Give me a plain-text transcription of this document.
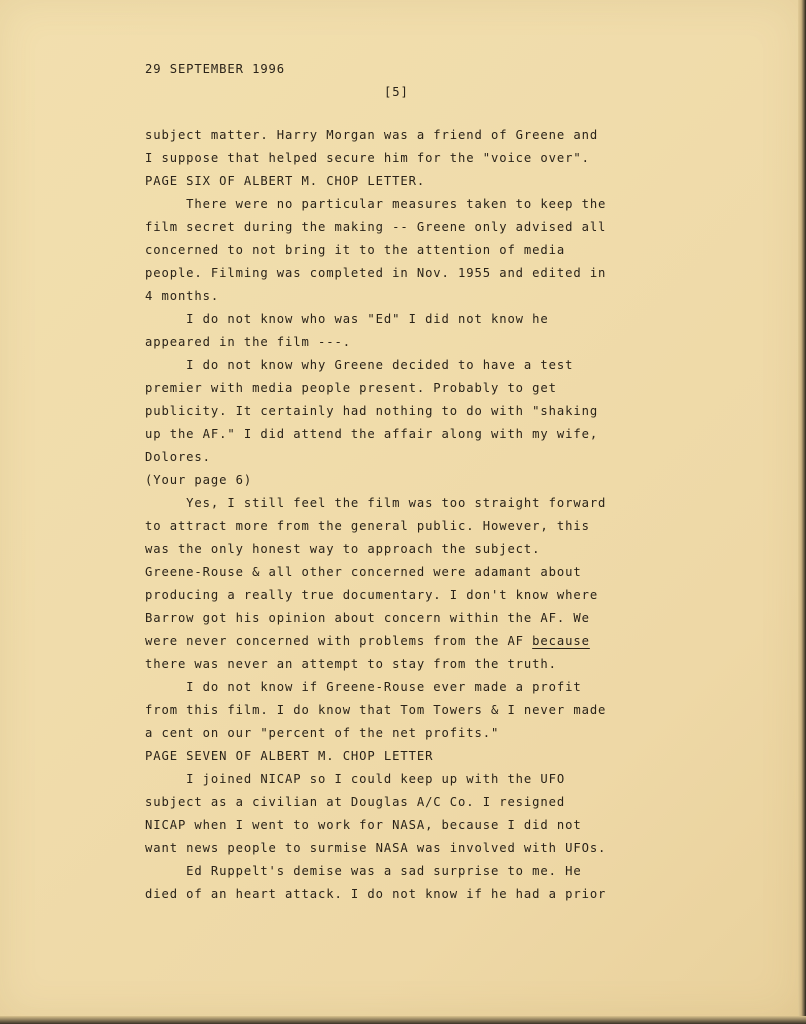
29 SEPTEMBER 1996
[5]
subject matter. Harry Morgan was a friend of Greene and
I suppose that helped secure him for the "voice over".
PAGE SIX OF ALBERT M. CHOP LETTER.
There were no particular measures taken to keep the
film secret during the making -- Greene only advised all
concerned to not bring it to the attention of media
people. Filming was completed in Nov. 1955 and edited in
4 months.
I do not know who was "Ed" I did not know he
appeared in the film ---.
I do not know why Greene decided to have a test
premier with media people present. Probably to get
publicity. It certainly had nothing to do with "shaking
up the AF." I did attend the affair along with my wife,
Dolores.
(Your page 6)
Yes, I still feel the film was too straight forward
to attract more from the general public. However, this
was the only honest way to approach the subject.
Greene-Rouse & all other concerned were adamant about
producing a really true documentary. I don't know where
Barrow got his opinion about concern within the AF. We
were never concerned with problems from the AF because
there was never an attempt to stay from the truth.
I do not know if Greene-Rouse ever made a profit
from this film. I do know that Tom Towers & I never made
a cent on our "percent of the net profits."
PAGE SEVEN OF ALBERT M. CHOP LETTER
I joined NICAP so I could keep up with the UFO
subject as a civilian at Douglas A/C Co. I resigned
NICAP when I went to work for NASA, because I did not
want news people to surmise NASA was involved with UFOs.
Ed Ruppelt's demise was a sad surprise to me. He
died of an heart attack. I do not know if he had a prior
